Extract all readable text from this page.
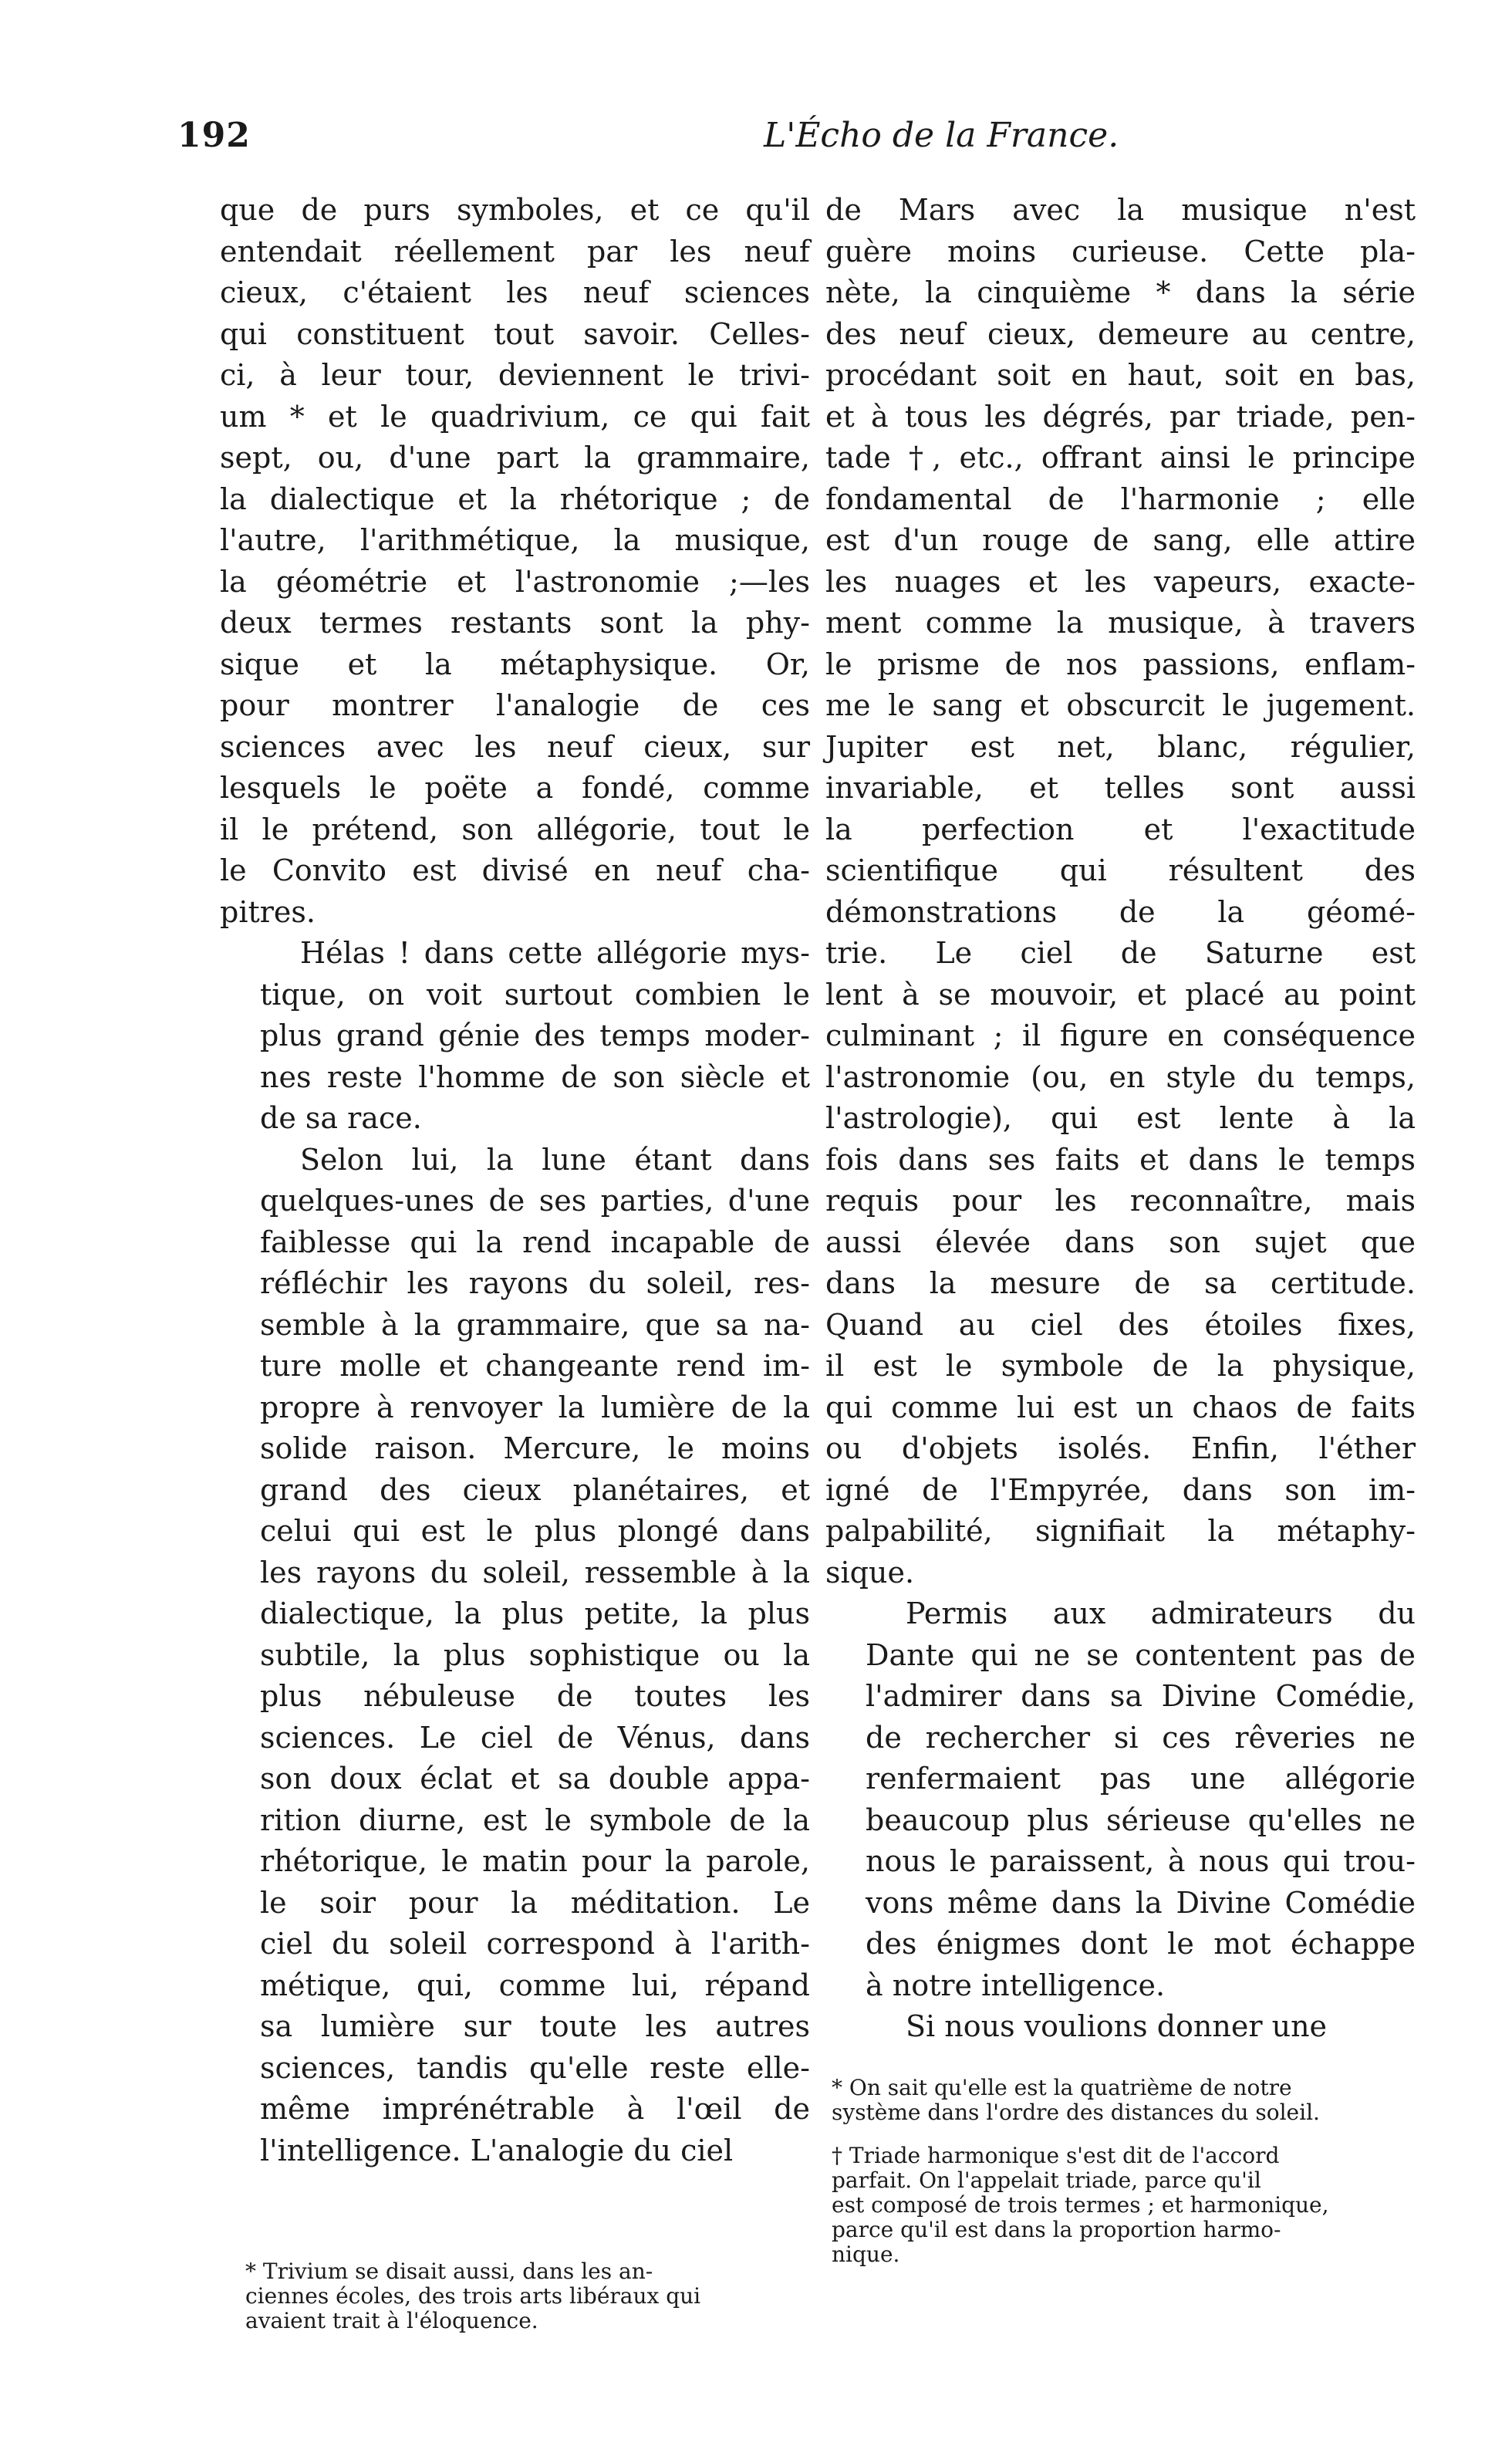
192	L'Écho de la France.
que de purs symboles, et ce qu'il
entendait réellement par les neuf
cieux, c'étaient les neuf sciences
qui constituent tout savoir. Celles-
ci, à leur tour, deviennent le trivi-
um * et le quadrivium, ce qui fait
sept, ou, d'une part la grammaire,
la dialectique et la rhétorique ; de
l'autre, l'arithmétique, la musique,
la géométrie et l'astronomie ;—les
deux termes restants sont la phy-
sique et la métaphysique. Or,
pour montrer l'analogie de ces
sciences avec les neuf cieux, sur
lesquels le poëte a fondé, comme
il le prétend, son allégorie, tout le
le Convito est divisé en neuf cha-
pitres.
Hélas ! dans cette allégorie mys-
tique, on voit surtout combien le
plus grand génie des temps moder-
nes reste l'homme de son siècle et
de sa race.
Selon lui, la lune étant dans
quelques-unes de ses parties, d'une
faiblesse qui la rend incapable de
réfléchir les rayons du soleil, res-
semble à la grammaire, que sa na-
ture molle et changeante rend im-
propre à renvoyer la lumière de la
solide raison. Mercure, le moins
grand des cieux planétaires, et
celui qui est le plus plongé dans
les rayons du soleil, ressemble à la
dialectique, la plus petite, la plus
subtile, la plus sophistique ou la
plus nébuleuse de toutes les
sciences. Le ciel de Vénus, dans
son doux éclat et sa double appa-
rition diurne, est le symbole de la
rhétorique, le matin pour la parole,
le soir pour la méditation. Le
ciel du soleil correspond à l'arith-
métique, qui, comme lui, répand
sa lumière sur toute les autres
sciences, tandis qu'elle reste elle-
même imprénétrable à l'œil de
l'intelligence. L'analogie du ciel
de Mars avec la musique n'est
guère moins curieuse. Cette pla-
nète, la cinquième * dans la série
des neuf cieux, demeure au centre,
procédant soit en haut, soit en bas,
et à tous les dégrés, par triade, pen-
tade †, etc., offrant ainsi le principe
fondamental de l'harmonie ; elle
est d'un rouge de sang, elle attire
les nuages et les vapeurs, exacte-
ment comme la musique, à travers
le prisme de nos passions, enflam-
me le sang et obscurcit le jugement.
Jupiter est net, blanc, régulier,
invariable, et telles sont aussi
la perfection et l'exactitude
scientifique qui résultent des
démonstrations de la géomé-
trie. Le ciel de Saturne est
lent à se mouvoir, et placé au point
culminant ; il figure en conséquence
l'astronomie (ou, en style du temps,
l'astrologie), qui est lente à la
fois dans ses faits et dans le temps
requis pour les reconnaître, mais
aussi élevée dans son sujet que
dans la mesure de sa certitude.
Quand au ciel des étoiles fixes,
il est le symbole de la physique,
qui comme lui est un chaos de faits
ou d'objets isolés. Enfin, l'éther
igné de l'Empyrée, dans son im-
palpabilité, signifiait la métaphy-
sique.
Permis aux admirateurs du
Dante qui ne se contentent pas de
l'admirer dans sa Divine Comédie,
de rechercher si ces rêveries ne
renfermaient pas une allégorie
beaucoup plus sérieuse qu'elles ne
nous le paraissent, à nous qui trou-
vons même dans la Divine Comédie
des énigmes dont le mot échappe
à notre intelligence.
Si nous voulions donner une
* Trivium se disait aussi, dans les an-
ciennes écoles, des trois arts libéraux qui
avaient trait à l'éloquence.
* On sait qu'elle est la quatrième de notre
système dans l'ordre des distances du soleil.
† Triade harmonique s'est dit de l'accord
parfait. On l'appelait triade, parce qu'il
est composé de trois termes ; et harmonique,
parce qu'il est dans la proportion harmo-
nique.
